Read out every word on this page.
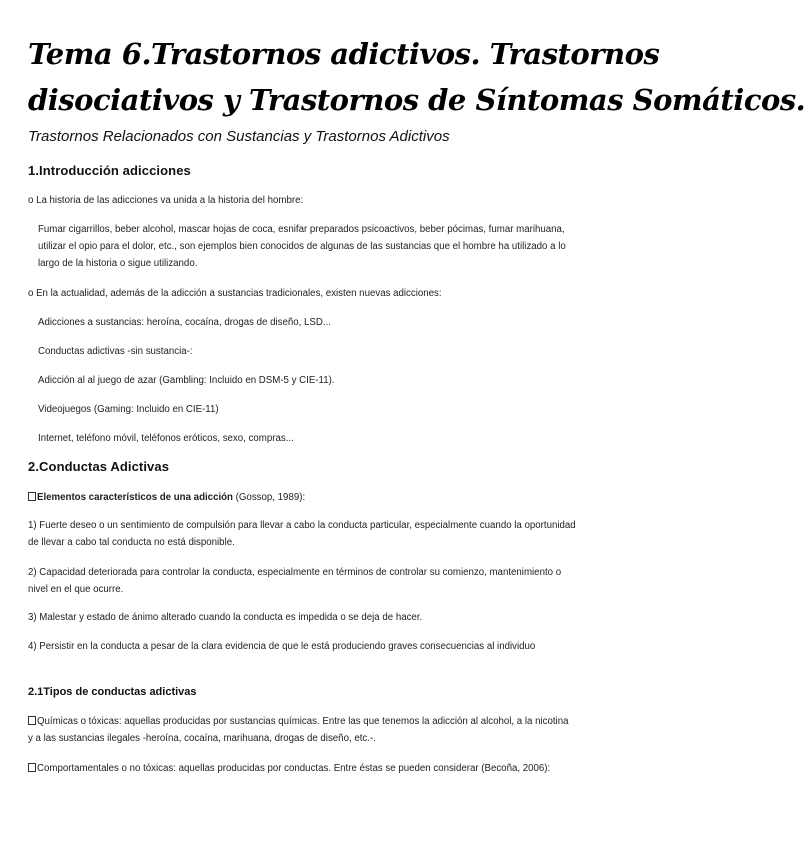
Tema 6.Trastornos adictivos. Trastornos
disociativos y Trastornos de Síntomas Somáticos.
Trastornos Relacionados con Sustancias y Trastornos Adictivos
1.Introducción adicciones
o La historia de las adicciones va unida a la historia del hombre:
Fumar cigarrillos, beber alcohol, mascar hojas de coca, esnifar preparados psicoactivos, beber pócimas, fumar marihuana, utilizar el opio para el dolor, etc., son ejemplos bien conocidos de algunas de las sustancias que el hombre ha utilizado a lo largo de la historia o sigue utilizando.
o En la actualidad, además de la adicción a sustancias tradicionales, existen nuevas adicciones:
Adicciones a sustancias: heroína, cocaína, drogas de diseño, LSD...
Conductas adictivas -sin sustancia-:
Adicción al al juego de azar (Gambling: Incluido en DSM-5 y CIE-11).
Videojuegos (Gaming: Incluido en CIE-11)
Internet, teléfono móvil, teléfonos eróticos, sexo, compras...
2.Conductas Adictivas
Elementos característicos de una adicción (Gossop, 1989):
1) Fuerte deseo o un sentimiento de compulsión para llevar a cabo la conducta particular, especialmente cuando la oportunidad de llevar a cabo tal conducta no está disponible.
2) Capacidad deteriorada para controlar la conducta, especialmente en términos de controlar su comienzo, mantenimiento o nivel en el que ocurre.
3) Malestar y estado de ánimo alterado cuando la conducta es impedida o se deja de hacer.
4) Persistir en la conducta a pesar de la clara evidencia de que le está produciendo graves consecuencias al individuo
2.1Tipos de conductas adictivas
Químicas o tóxicas: aquellas producidas por sustancias químicas. Entre las que tenemos la adicción al alcohol, a la nicotina y a las sustancias ilegales -heroína, cocaína, marihuana, drogas de diseño, etc.-.
Comportamentales o no tóxicas: aquellas producidas por conductas. Entre éstas se pueden considerar (Becoña, 2006):
